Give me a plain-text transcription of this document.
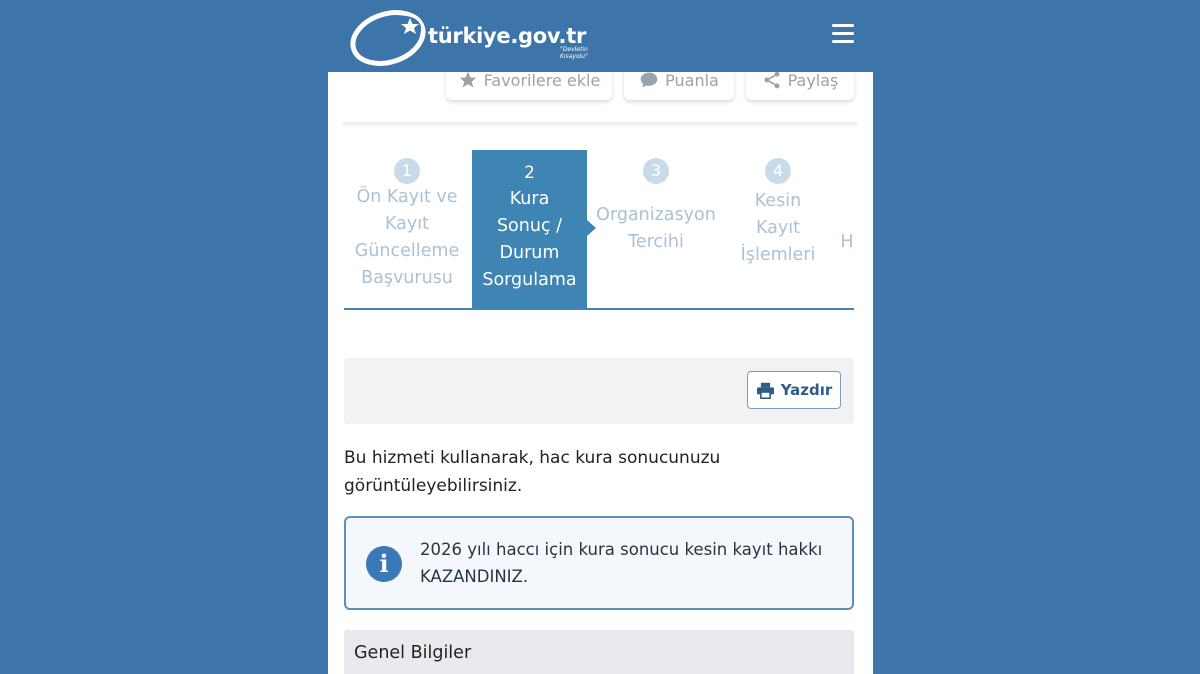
türkiye.gov.tr
"Devletin Kısayolu"
Favorilere ekle	Puanla	Paylaş
1
Ön Kayıt ve
Kayıt
Güncelleme
Başvurusu
2
Kura
Sonuç /
Durum
Sorgulama
3
Organizasyon
Tercihi
4
Kesin
Kayıt
İşlemleri
H
Yazdır
Bu hizmeti kullanarak, hac kura sonucunuzu
görüntüleyebilirsiniz.
i	2026 yılı haccı için kura sonucu kesin kayıt hakkı
KAZANDINIZ.
Genel Bilgiler
